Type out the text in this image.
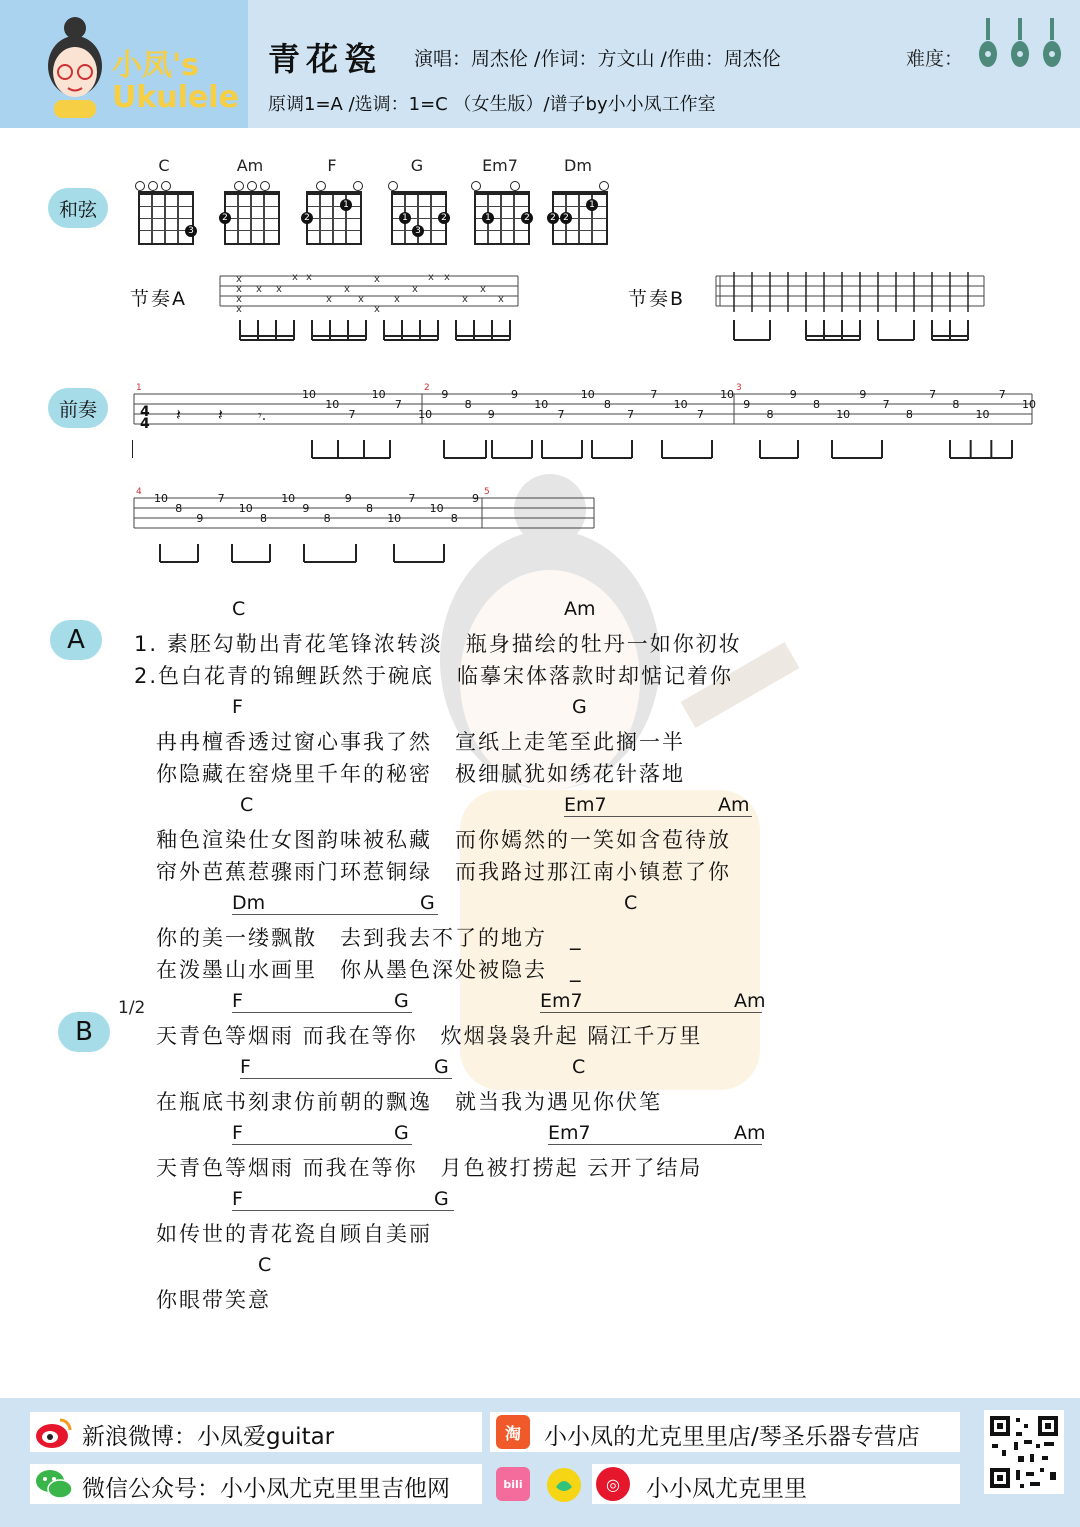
小凤's
Ukulele
青花瓷 演唱：周杰伦 /作词：方文山 /作曲：周杰伦
原调1=A /选调：1=C （女生版）/谱子by小小凤工作室
难度：
和弦
C
3
Am
2
F
2
1
G
1
3
2
Em7
1	2
Dm
2 2
1
节奏A
x
x
x
x
x x
x x
x
x
x
x
x
x
x
x x
x
x
x	节奏B
前奏	4
4 𝄽 𝄽	𝄾.
1	2	3
10
10
7
10
7
10
9
8
9
9
10
7
10
8
7
7
10
7
10
9
8
9
8
10
9
7
8
7
8
10
7
10
4	5
10
8
9
7
10
8
10
9
8
9
8
10
7
10
8
9
A
C	Am
1. 素胚勾勒出青花笔锋浓转淡　瓶身描绘的牡丹一如你初妆
2.色白花青的锦鲤跃然于碗底　临摹宋体落款时却惦记着你
F	G
冉冉檀香透过窗心事我了然　宣纸上走笔至此搁一半
你隐藏在窑烧里千年的秘密　极细腻犹如绣花针落地
C	Em7	Am
釉色渲染仕女图韵味被私藏　而你嫣然的一笑如含苞待放
帘外芭蕉惹骤雨门环惹铜绿　而我路过那江南小镇惹了你
Dm	G	C
你的美一缕飘散　去到我去不了的地方　_
在泼墨山水画里　你从墨色深处被隐去　_
B
1/2	F	G	Em7	Am
天青色等烟雨 而我在等你　炊烟袅袅升起 隔江千万里
F	G	C
在瓶底书刻隶仿前朝的飘逸　就当我为遇见你伏笔
F	G	Em7	Am
天青色等烟雨 而我在等你　月色被打捞起 云开了结局
F	G
如传世的青花瓷自顾自美丽
C
你眼带笑意
新浪微博：小凤爱guitar	淘	小小凤的尤克里里店/琴圣乐器专营店
微信公众号：小小凤尤克里里吉他网	bili	◎	小小凤尤克里里
